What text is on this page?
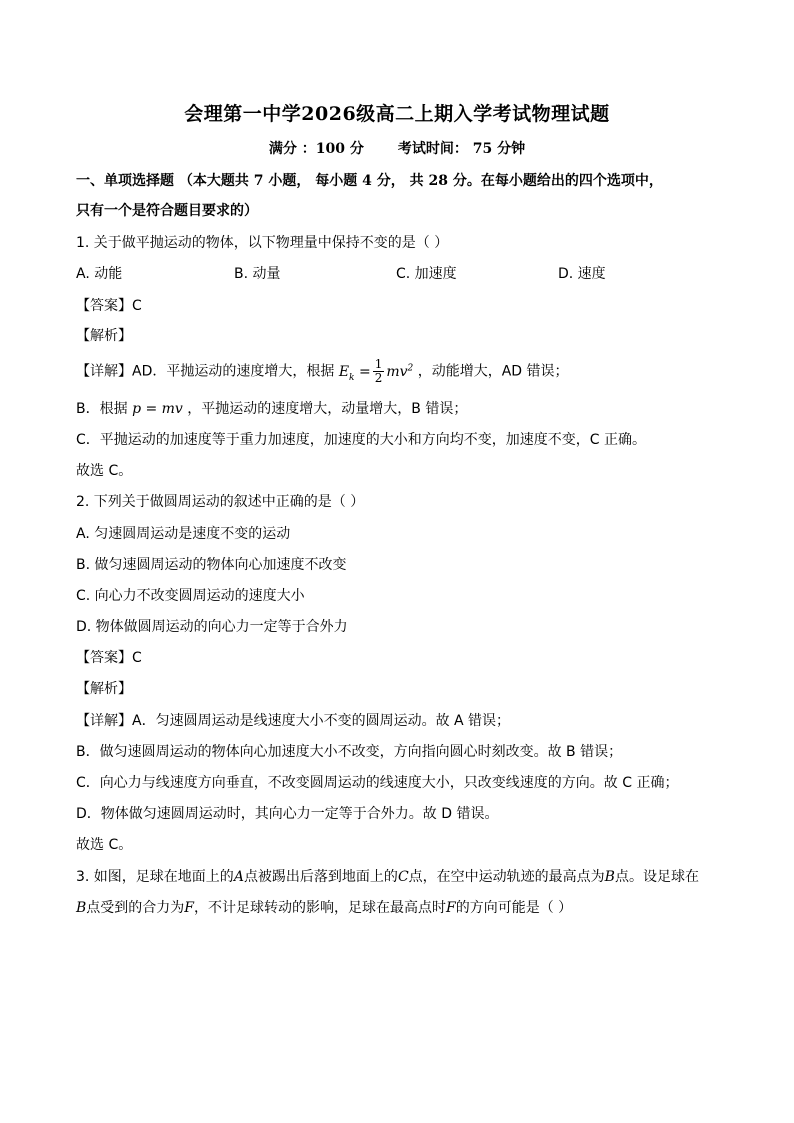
会理第一中学2026级高二上期入学考试物理试题
满分 ：100 分 考试时间： 75 分钟
一、单项选择题 （本大题共 7 小题， 每小题 4 分， 共 28 分。在每小题给出的四个选项中，
只有一个是符合题目要求的）
1. 关于做平抛运动的物体，以下物理量中保持不变的是（ ）
A. 动能	B. 动量	C. 加速度	D. 速度
【答案】C
【解析】
【详解】AD．平抛运动的速度增大，根据 $E_k = \frac{1}{2} mv^2$ ，动能增大，AD 错误；
B．根据 p = mv ，平抛运动的速度增大，动量增大，B 错误；
C．平抛运动的加速度等于重力加速度，加速度的大小和方向均不变，加速度不变，C 正确。
故选 C。
2. 下列关于做圆周运动的叙述中正确的是（ ）
A. 匀速圆周运动是速度不变的运动
B. 做匀速圆周运动的物体向心加速度不改变
C. 向心力不改变圆周运动的速度大小
D. 物体做圆周运动的向心力一定等于合外力
【答案】C
【解析】
【详解】A．匀速圆周运动是线速度大小不变的圆周运动。故 A 错误；
B．做匀速圆周运动的物体向心加速度大小不改变，方向指向圆心时刻改变。故 B 错误；
C．向心力与线速度方向垂直，不改变圆周运动的线速度大小，只改变线速度的方向。故 C 正确；
D．物体做匀速圆周运动时，其向心力一定等于合外力。故 D 错误。
故选 C。
3. 如图，足球在地面上的A点被踢出后落到地面上的C点，在空中运动轨迹的最高点为B点。设足球在
B点受到的合力为F，不计足球转动的影响，足球在最高点时F的方向可能是（ ）
